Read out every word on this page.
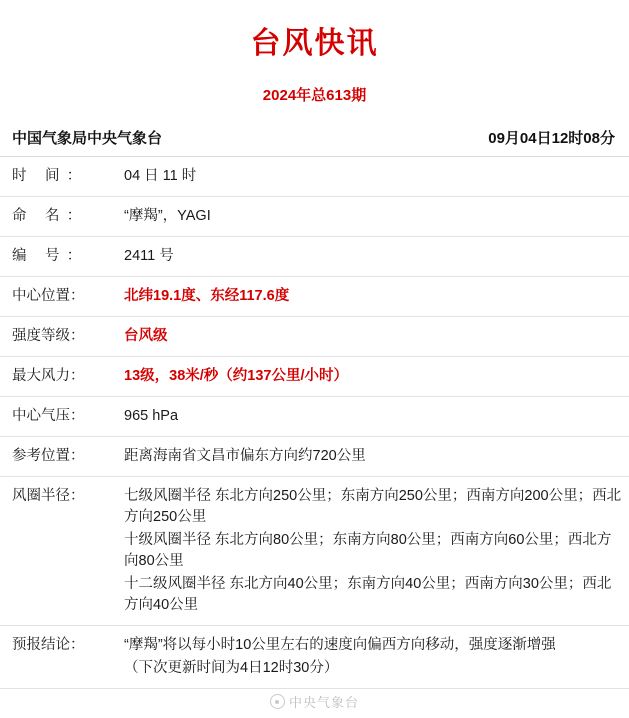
台风快讯
2024年总613期
中国气象局中央气象台	09月04日12时08分
时 间：	04 日 11 时
命 名：	“摩羯”，YAGI
编 号：	2411 号
中心位置：	北纬19.1度、东经117.6度
强度等级：	台风级
最大风力：	13级，38米/秒（约137公里/小时）
中心气压：	965 hPa
参考位置：	距离海南省文昌市偏东方向约720公里
风圈半径：	七级风圈半径 东北方向250公里；东南方向250公里；西南方向200公里；西北方向250公里
十级风圈半径 东北方向80公里；东南方向80公里；西南方向60公里；西北方向80公里
十二级风圈半径 东北方向40公里；东南方向40公里；西南方向30公里；西北方向40公里

预报结论：	“摩羯”将以每小时10公里左右的速度向偏西方向移动，强度逐渐增强
（下次更新时间为4日12时30分）
中央气象台
